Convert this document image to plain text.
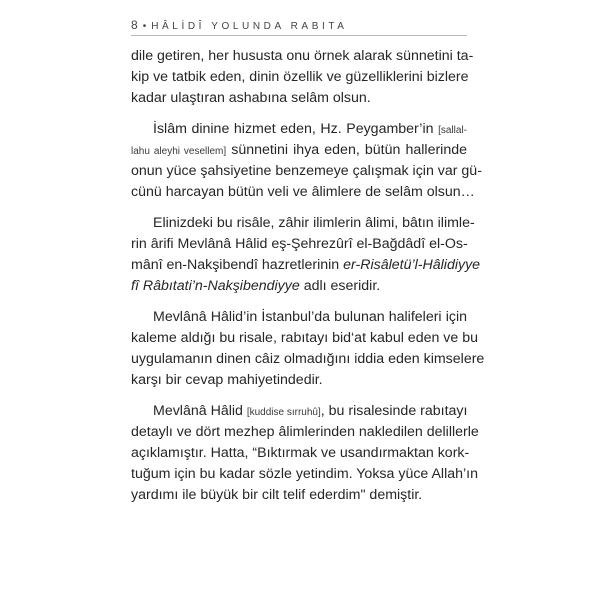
8 • HÂLİDÎ YOLUNDA RABITA

dile getiren, her hususta onu örnek alarak sünnetini ta-
kip ve tatbik eden, dinin özellik ve güzelliklerini bizlere
kadar ulaştıran ashabına selâm olsun.

İslâm dinine hizmet eden, Hz. Peygamber’in [sallal-
lahu aleyhi vesellem] sünnetini ihya eden, bütün hallerinde
onun yüce şahsiyetine benzemeye çalışmak için var gü-
cünü harcayan bütün veli ve âlimlere de selâm olsun…

Elinizdeki bu risâle, zâhir ilimlerin âlimi, bâtın ilimle-
rin ârifi Mevlânâ Hâlid eş-Şehrezûrî el-Bağdâdî el-Os-
mânî en-Nakşibendî hazretlerinin er-Risâletü’l-Hâlidiyye
fî Râbıtati’n-Nakşibendiyye adlı eseridir.

Mevlânâ Hâlid’in İstanbul’da bulunan halifeleri için
kaleme aldığı bu risale, rabıtayı bid‘at kabul eden ve bu
uygulamanın dinen câiz olmadığını iddia eden kimselere
karşı bir cevap mahiyetindedir.

Mevlânâ Hâlid [kuddise sırruhû], bu risalesinde rabıtayı
detaylı ve dört mezhep âlimlerinden nakledilen delillerle
açıklamıştır. Hatta, “Bıktırmak ve usandırmaktan kork-
tuğum için bu kadar sözle yetindim. Yoksa yüce Allah’ın
yardımı ile büyük bir cilt telif ederdim" demiştir.
